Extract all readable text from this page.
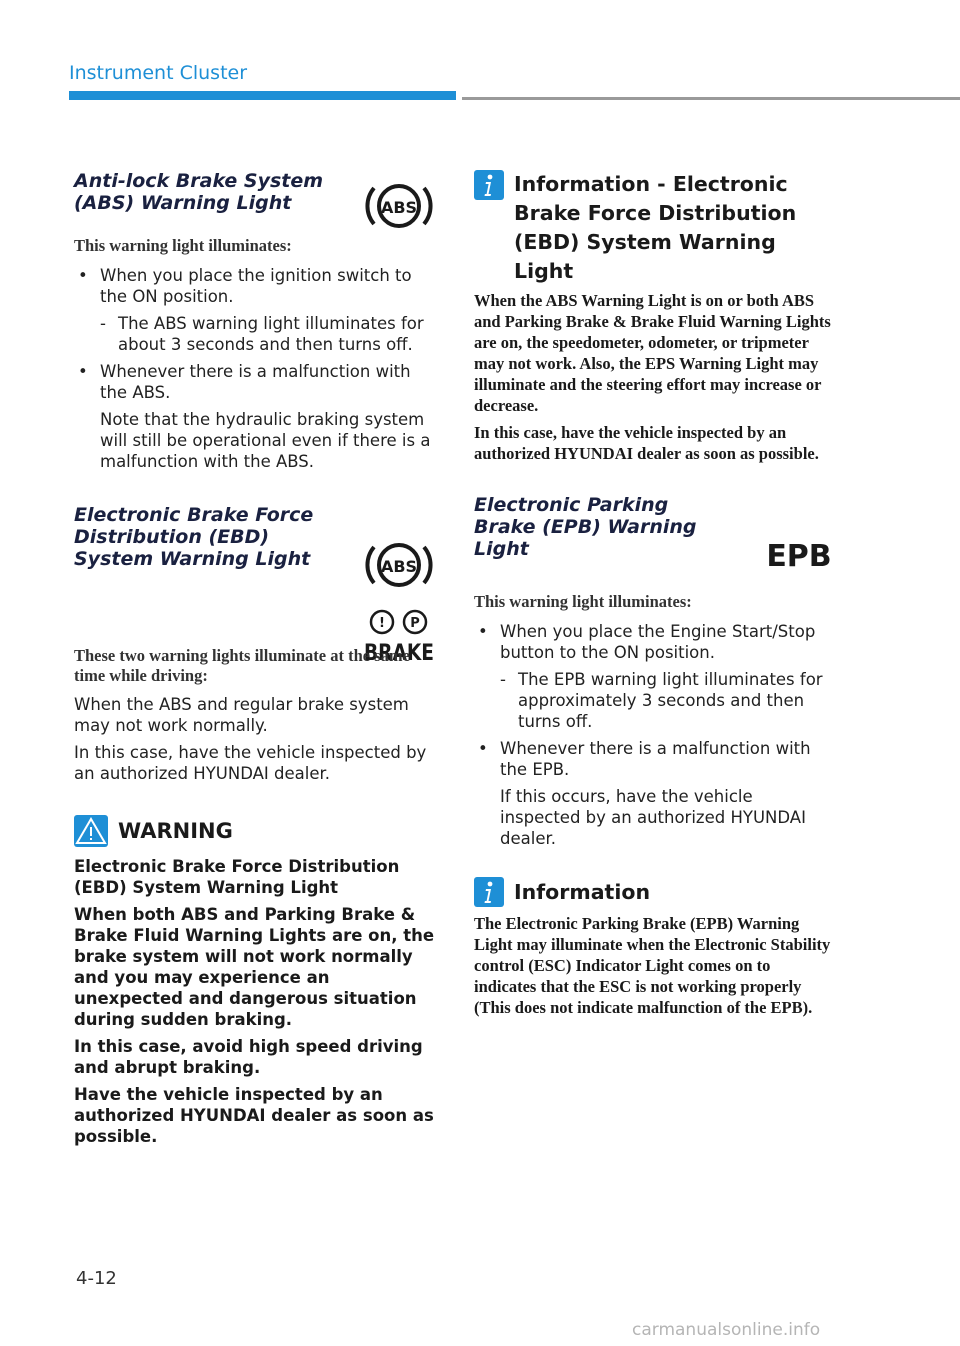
Instrument Cluster
ABS
ABS
! P
BRAKE
EPB
Anti-lock Brake System (ABS) Warning Light

This warning light illuminates:

• When you place the ignition switch to the ON position.

- The ABS warning light illuminates for about 3 seconds and then turns off.

• Whenever there is a malfunction with the ABS.

Note that the hydraulic braking system will still be operational even if there is a malfunction with the ABS.

Electronic Brake Force Distribution (EBD) System Warning Light

These two warning lights illuminate at the same time while driving:

When the ABS and regular brake system may not work normally.

In this case, have the vehicle inspected by an authorized HYUNDAI dealer.

WARNING

Electronic Brake Force Distribution (EBD) System Warning Light

When both ABS and Parking Brake & Brake Fluid Warning Lights are on, the brake system will not work normally and you may experience an unexpected and dangerous situation during sudden braking.

In this case, avoid high speed driving and abrupt braking.

Have the vehicle inspected by an authorized HYUNDAI dealer as soon as possible.

Information - Electronic Brake Force Distribution (EBD) System Warning Light

When the ABS Warning Light is on or both ABS and Parking Brake & Brake Fluid Warning Lights are on, the speedometer, odometer, or tripmeter may not work. Also, the EPS Warning Light may illuminate and the steering effort may increase or decrease.

In this case, have the vehicle inspected by an authorized HYUNDAI dealer as soon as possible.

Electronic Parking Brake (EPB) Warning Light

This warning light illuminates:

• When you place the Engine Start/Stop button to the ON position.

- The EPB warning light illuminates for approximately 3 seconds and then turns off.

• Whenever there is a malfunction with the EPB.

If this occurs, have the vehicle inspected by an authorized HYUNDAI dealer.

Information

The Electronic Parking Brake (EPB) Warning Light may illuminate when the Electronic Stability control (ESC) Indicator Light comes on to indicates that the ESC is not working properly (This does not indicate malfunction of the EPB).

4-12
carmanualsonline.info
